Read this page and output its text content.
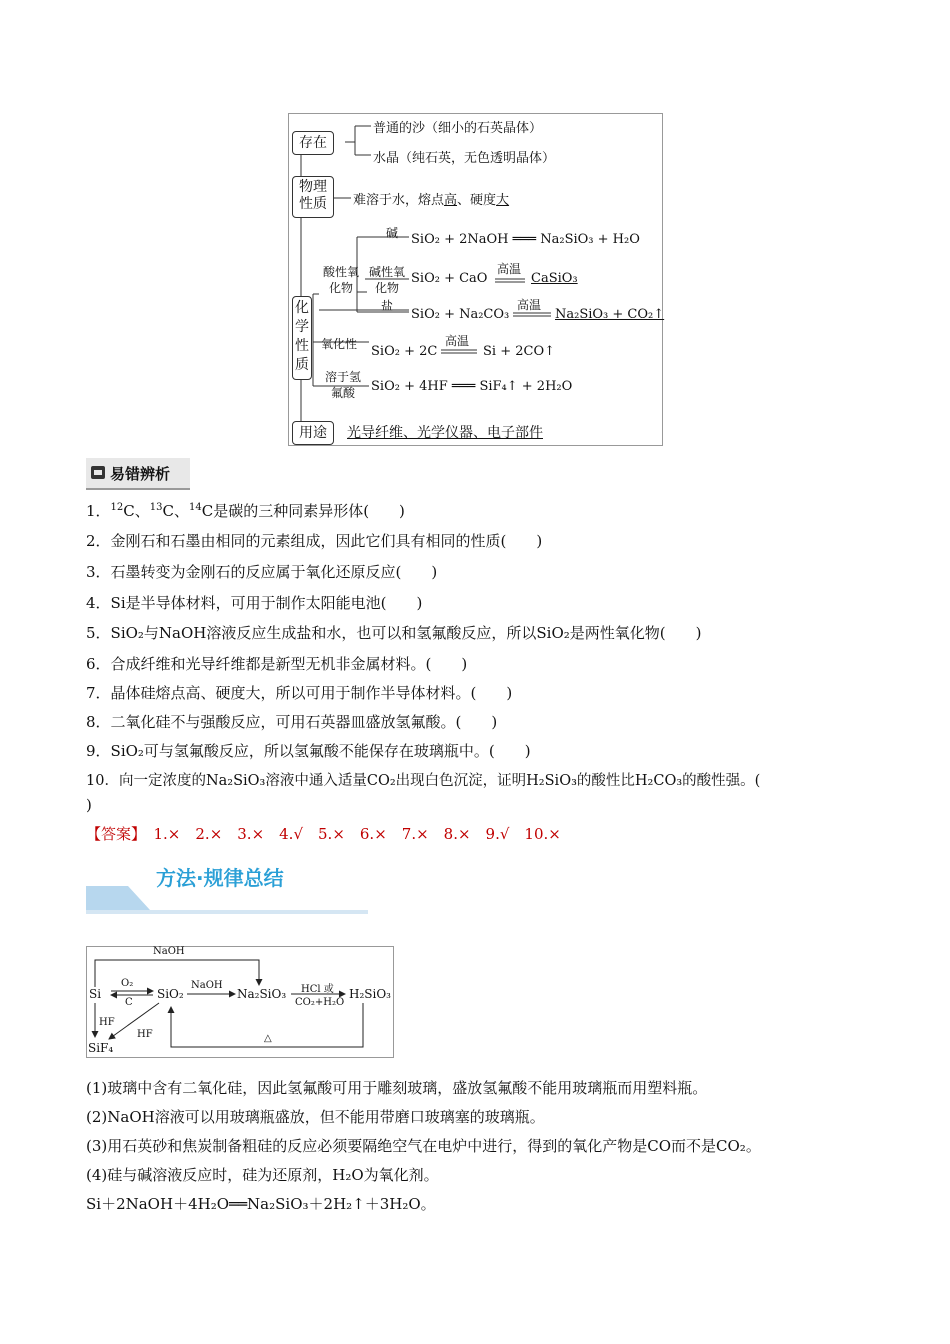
存在
普通的沙（细小的石英晶体）
水晶（纯石英，无色透明晶体）
物理性质	难溶于水，熔点高、硬度大
化学性质
酸性氧化物
碱 SiO₂ + 2NaOH ═══ Na₂SiO₃ + H₂O
碱性氧化物
SiO₂ + CaO
高温
CaSiO₃
盐
SiO₂ + Na₂CO₃
高温
Na₂SiO₃ + CO₂↑
氧化性 SiO₂ + 2C
高温
Si + 2CO↑
溶于氢氟酸	SiO₂ + 4HF ═══ SiF₄↑ + 2H₂O
用途	光导纤维、光学仪器、电子部件
易错辨析
1．$^{12}$C、$^{13}$C、$^{14}$C是碳的三种同素异形体(　　)
2．金刚石和石墨由相同的元素组成，因此它们具有相同的性质(　　)
3．石墨转变为金刚石的反应属于氧化还原反应(　　)
4．Si是半导体材料，可用于制作太阳能电池(　　)
5．SiO₂与NaOH溶液反应生成盐和水，也可以和氢氟酸反应，所以SiO₂是两性氧化物(　　)
6．合成纤维和光导纤维都是新型无机非金属材料。(　　)
7．晶体硅熔点高、硬度大，所以可用于制作半导体材料。(　　)
8．二氧化硅不与强酸反应，可用石英器皿盛放氢氟酸。(　　)
9．SiO₂可与氢氟酸反应，所以氢氟酸不能保存在玻璃瓶中。(　　)
10．向一定浓度的Na₂SiO₃溶液中通入适量CO₂出现白色沉淀，证明H₂SiO₃的酸性比H₂CO₃的酸性强。(
)
【答案】　1.×　2.×　3.×　4.√　5.×　6.×　7.×　8.×　9.√　10.×
方法·规律总结
NaOH
Si
O₂
C
SiO₂
NaOH
Na₂SiO₃ HCl 或
CO₂+H₂O
H₂SiO₃
HF
HF
SiF₄
△
(1)玻璃中含有二氧化硅，因此氢氟酸可用于雕刻玻璃，盛放氢氟酸不能用玻璃瓶而用塑料瓶。
(2)NaOH溶液可以用玻璃瓶盛放，但不能用带磨口玻璃塞的玻璃瓶。
(3)用石英砂和焦炭制备粗硅的反应必须要隔绝空气在电炉中进行，得到的氧化产物是CO而不是CO₂。
(4)硅与碱溶液反应时，硅为还原剂，H₂O为氧化剂。
Si＋2NaOH＋4H₂O══Na₂SiO₃＋2H₂↑＋3H₂O。
